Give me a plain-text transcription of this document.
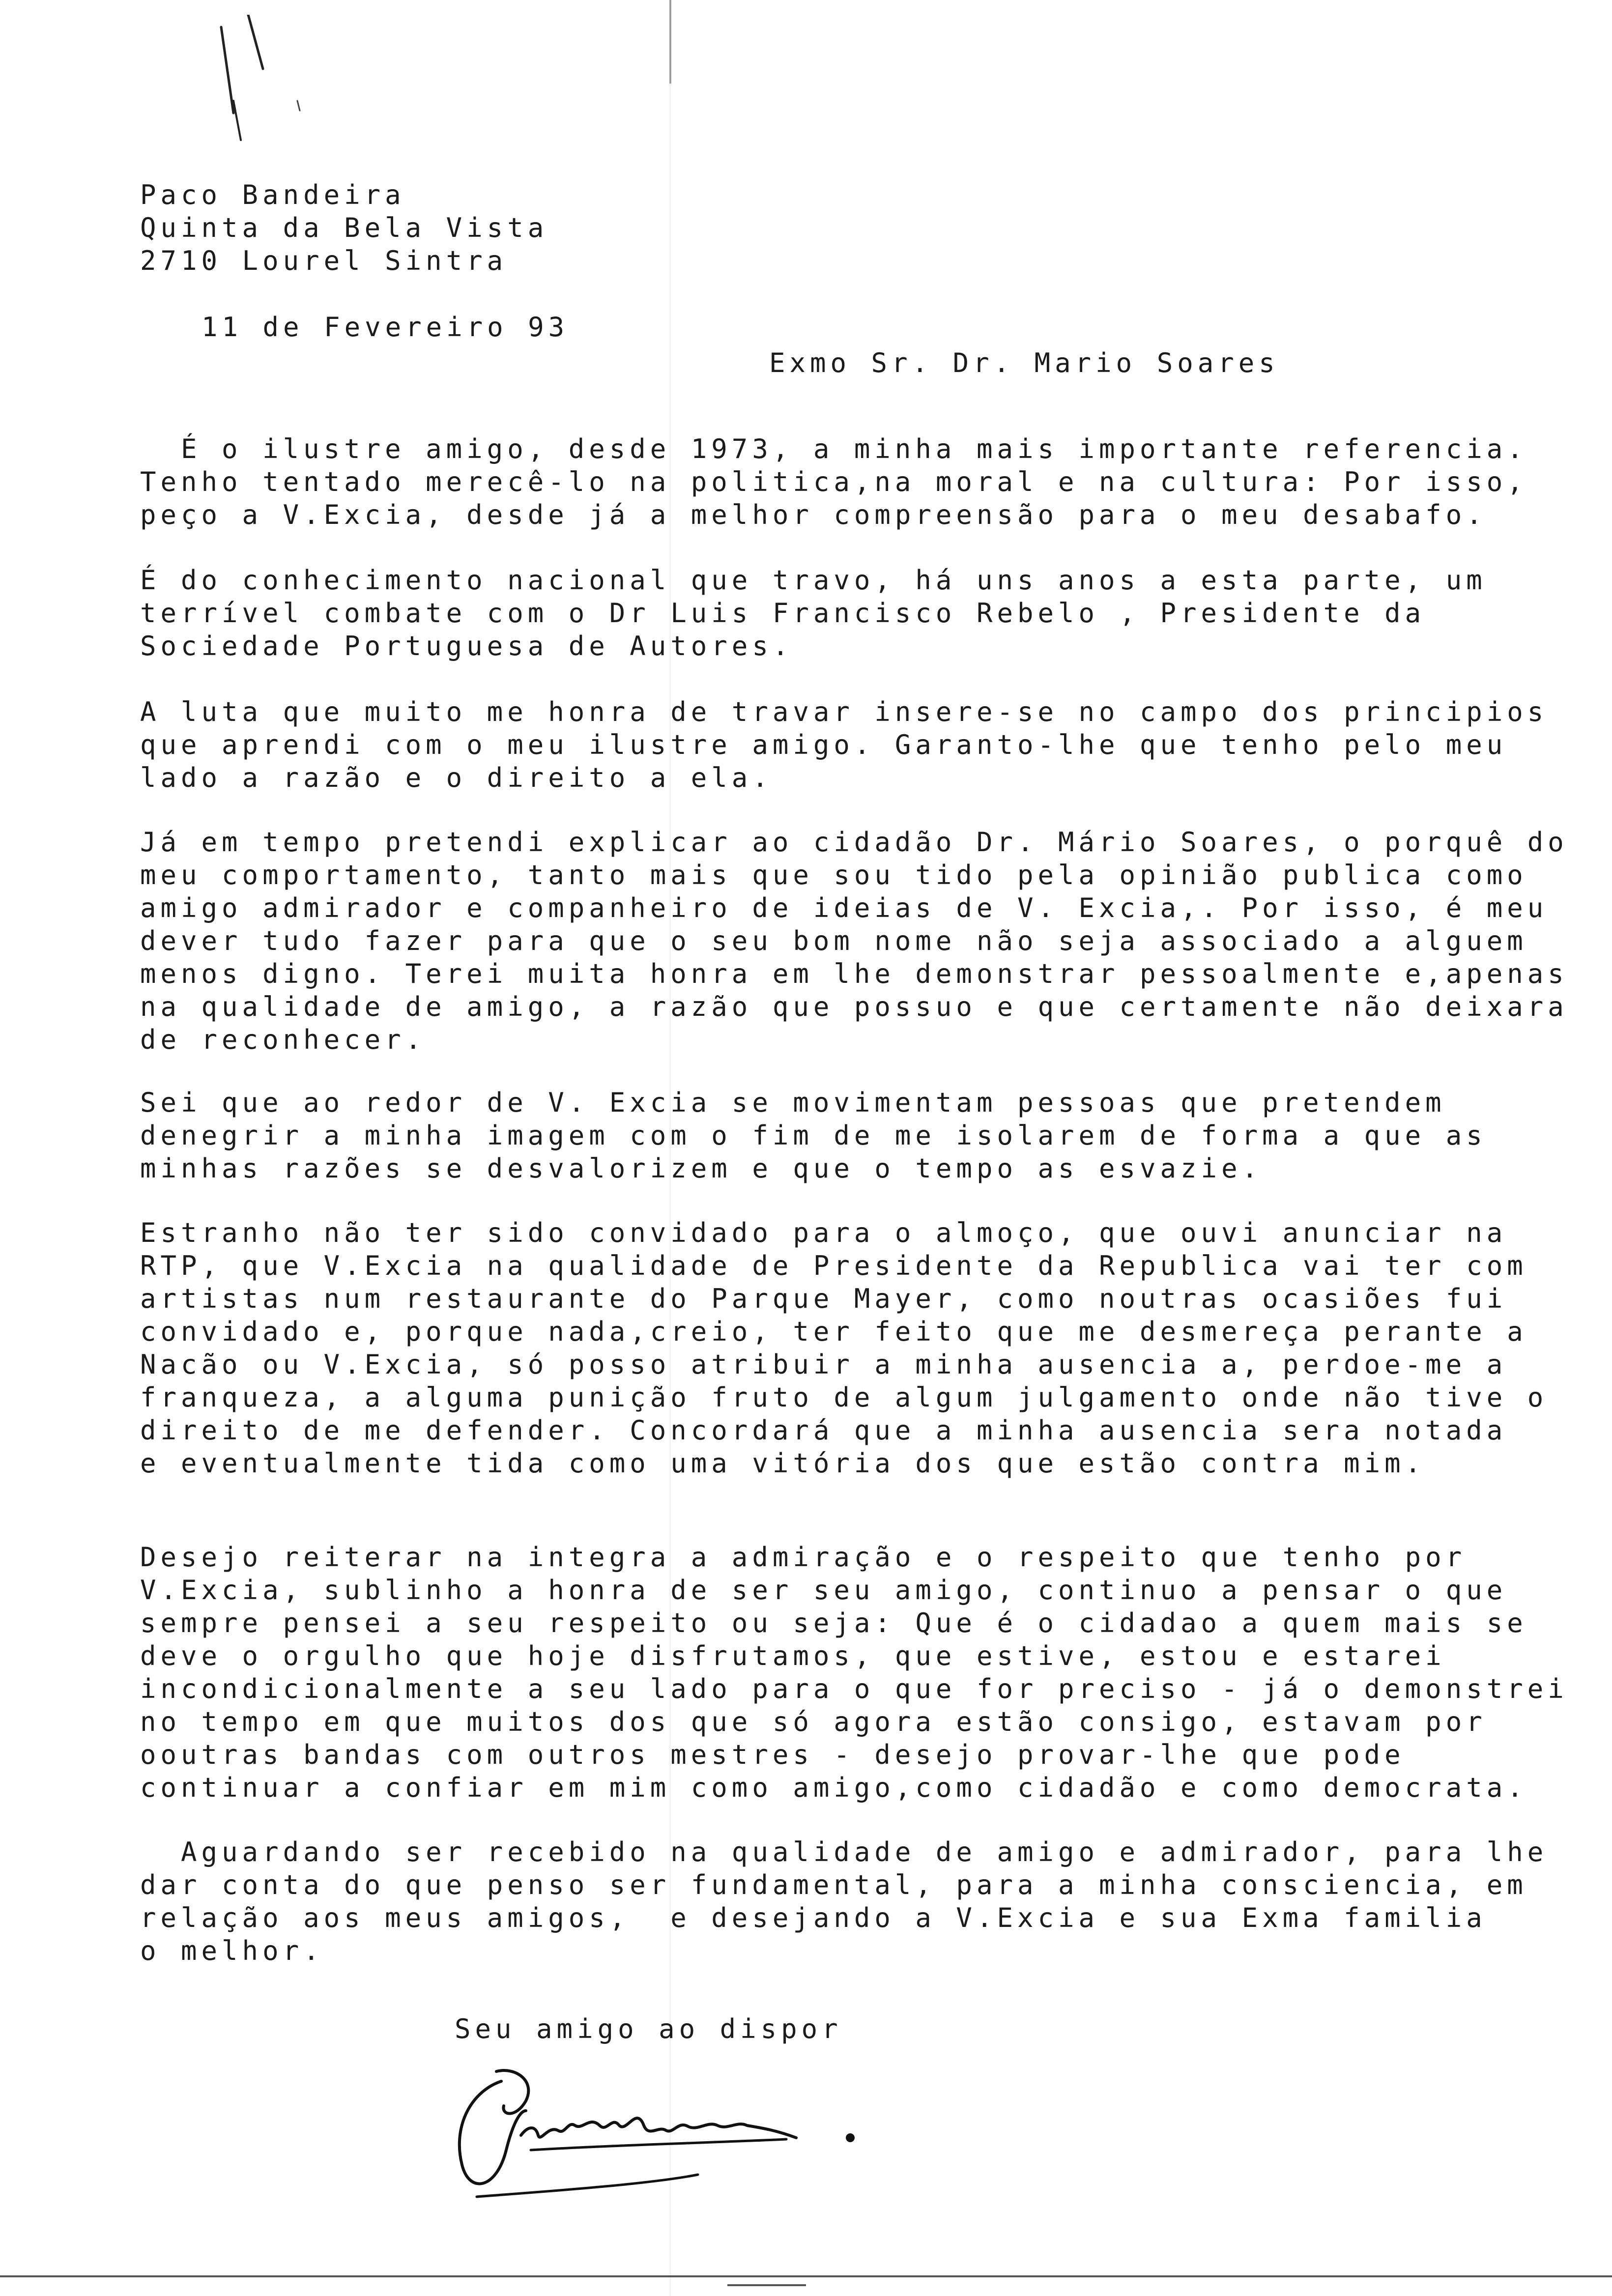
Paco Bandeira
Quinta da Bela Vista
2710 Lourel Sintra
11 de Fevereiro 93
Exmo Sr. Dr. Mario Soares

É o ilustre amigo, desde 1973, a minha mais importante referencia.
Tenho tentado merecê-lo na politica,na moral e na cultura: Por isso,
peço a V.Excia, desde já a melhor compreensão para o meu desabafo.

É do conhecimento nacional que travo, há uns anos a esta parte, um
terrível combate com o Dr Luis Francisco Rebelo , Presidente da
Sociedade Portuguesa de Autores.

A luta que muito me honra de travar insere-se no campo dos principios
que aprendi com o meu ilustre amigo. Garanto-lhe que tenho pelo meu
lado a razão e o direito a ela.

Já em tempo pretendi explicar ao cidadão Dr. Mário Soares, o porquê do
meu comportamento, tanto mais que sou tido pela opinião publica como
amigo admirador e companheiro de ideias de V. Excia,. Por isso, é meu
dever tudo fazer para que o seu bom nome não seja associado a alguem
menos digno. Terei muita honra em lhe demonstrar pessoalmente e,apenas
na qualidade de amigo, a razão que possuo e que certamente não deixara
de reconhecer.

Sei que ao redor de V. Excia se movimentam pessoas que pretendem
denegrir a minha imagem com o fim de me isolarem de forma a que as
minhas razões se desvalorizem e que o tempo as esvazie.

Estranho não ter sido convidado para o almoço, que ouvi anunciar na
RTP, que V.Excia na qualidade de Presidente da Republica vai ter com
artistas num restaurante do Parque Mayer, como noutras ocasiões fui
convidado e, porque nada,creio, ter feito que me desmereça perante a
Nacão ou V.Excia, só posso atribuir a minha ausencia a, perdoe-me a
franqueza, a alguma punição fruto de algum julgamento onde não tive o
direito de me defender. Concordará que a minha ausencia sera notada
e eventualmente tida como uma vitória dos que estão contra mim.

Desejo reiterar na integra a admiração e o respeito que tenho por
V.Excia, sublinho a honra de ser seu amigo, continuo a pensar o que
sempre pensei a seu respeito ou seja: Que é o cidadao a quem mais se
deve o orgulho que hoje disfrutamos, que estive, estou e estarei
incondicionalmente a seu lado para o que for preciso - já o demonstrei
no tempo em que muitos dos que só agora estão consigo, estavam por
ooutras bandas com outros mestres - desejo provar-lhe que pode
continuar a confiar em mim como amigo,como cidadão e como democrata.

Aguardando ser recebido na qualidade de amigo e admirador, para lhe
dar conta do que penso ser fundamental, para a minha consciencia, em
relação aos meus amigos,  e desejando a V.Excia e sua Exma familia
o melhor.

Seu amigo ao dispor
